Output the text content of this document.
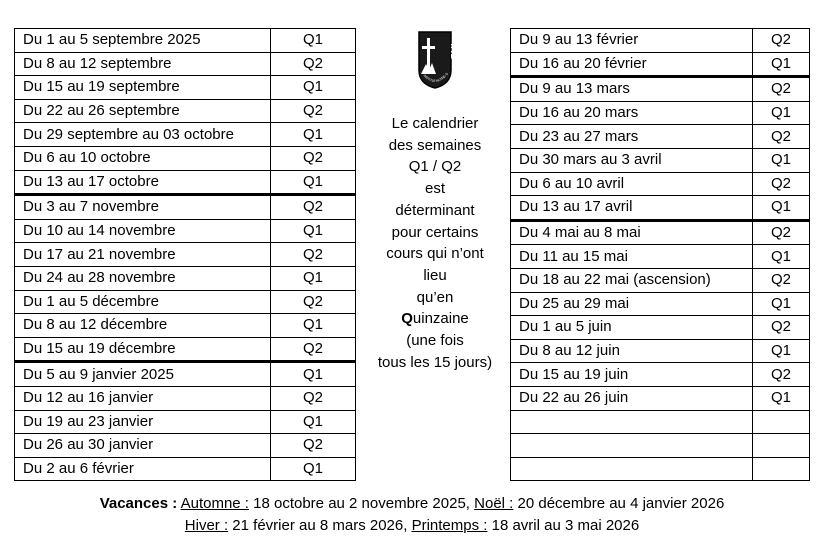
Du 1 au 5 septembre 2025	Q1
Du 8 au 12 septembre	Q2
Du 15 au 19 septembre	Q1
Du 22 au 26 septembre	Q2
Du 29 septembre au 03 octobre	Q1
Du 6 au 10 octobre	Q2
Du 13 au 17 octobre	Q1
Du 3 au 7 novembre	Q2
Du 10 au 14 novembre	Q1
Du 17 au 21 novembre	Q2
Du 24 au 28 novembre	Q1
Du 1 au 5 décembre	Q2
Du 8 au 12 décembre	Q1
Du 15 au 19 décembre	Q2
Du 5 au 9 janvier 2025	Q1
Du 12 au 16 janvier	Q2
Du 19 au 23 janvier	Q1
Du 26 au 30 janvier	Q2
Du 2 au 6 février	Q1
IND
INSTITUT NOTRE-D
Le calendrier
des semaines
Q1 / Q2
est
déterminant
pour certains
cours qui n’ont
lieu
qu’en
Quinzaine
(une fois
tous les 15 jours)
Du 9 au 13 février	Q2
Du 16 au 20 février	Q1
Du 9 au 13 mars	Q2
Du 16 au 20 mars	Q1
Du 23 au 27 mars	Q2
Du 30 mars au 3 avril	Q1
Du 6 au 10 avril	Q2
Du 13 au 17 avril	Q1
Du 4 mai au 8 mai	Q2
Du 11 au 15 mai	Q1
Du 18 au 22 mai (ascension)	Q2
Du 25 au 29 mai	Q1
Du 1 au 5 juin	Q2
Du 8 au 12 juin	Q1
Du 15 au 19 juin	Q2
Du 22 au 26 juin	Q1

Vacances : Automne : 18 octobre au 2 novembre 2025, Noël : 20 décembre au 4 janvier 2026
Hiver : 21 février au 8 mars 2026, Printemps : 18 avril au 3 mai 2026
